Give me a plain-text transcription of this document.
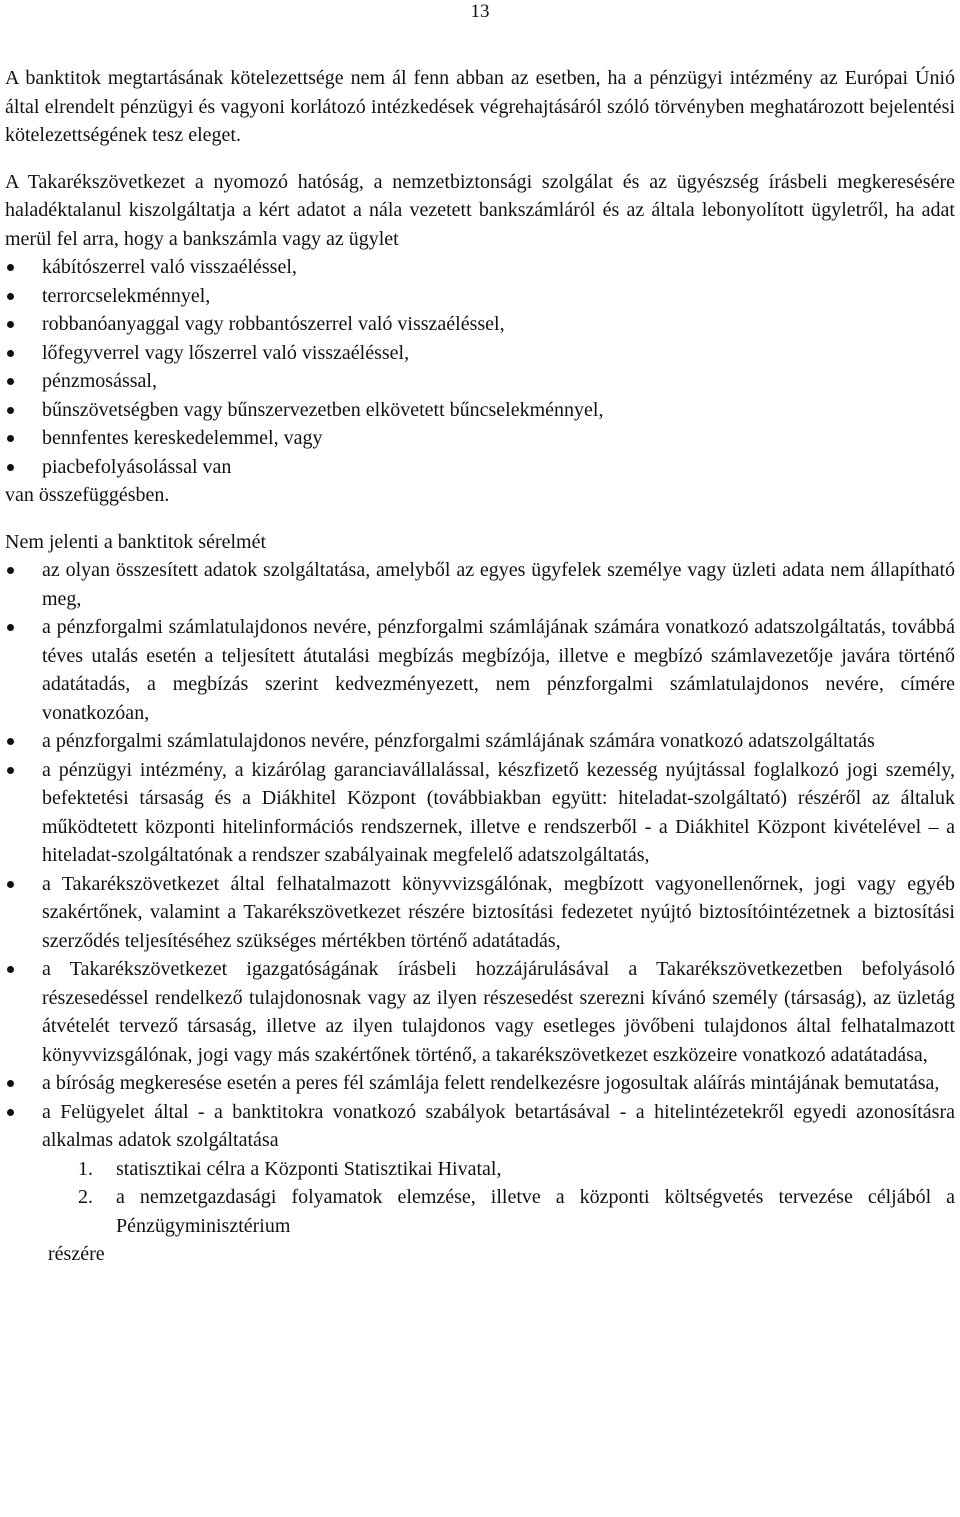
13

A banktitok megtartásának kötelezettsége nem ál fenn abban az esetben, ha a pénzügyi intézmény az Európai Únió által elrendelt pénzügyi és vagyoni korlátozó intézkedések végrehajtásáról szóló törvényben meghatározott bejelentési kötelezettségének tesz eleget.

A Takarékszövetkezet a nyomozó hatóság, a nemzetbiztonsági szolgálat és az ügyészség írásbeli megkeresésére haladéktalanul kiszolgáltatja a kért adatot a nála vezetett bankszámláról és az általa lebonyolított ügyletről, ha adat merül fel arra, hogy a bankszámla vagy az ügylet

kábítószerrel való visszaéléssel,
terrorcselekménnyel,
robbanóanyaggal vagy robbantószerrel való visszaéléssel,
lőfegyverrel vagy lőszerrel való visszaéléssel,
pénzmosással,
bűnszövetségben vagy bűnszervezetben elkövetett bűncselekménnyel,
bennfentes kereskedelemmel, vagy
piacbefolyásolással van

van összefüggésben.

Nem jelenti a banktitok sérelmét

az olyan összesített adatok szolgáltatása, amelyből az egyes ügyfelek személye vagy üzleti adata nem állapítható meg,
a pénzforgalmi számlatulajdonos nevére, pénzforgalmi számlájának számára vonatkozó adatszolgáltatás, továbbá téves utalás esetén a teljesített átutalási megbízás megbízója, illetve e megbízó számlavezetője javára történő adatátadás, a megbízás szerint kedvezményezett, nem pénzforgalmi számlatulajdonos nevére, címére vonatkozóan,
a pénzforgalmi számlatulajdonos nevére, pénzforgalmi számlájának számára vonatkozó adatszolgáltatás
a pénzügyi intézmény, a kizárólag garanciavállalással, készfizető kezesség nyújtással foglalkozó jogi személy, befektetési társaság és a Diákhitel Központ (továbbiakban együtt: hiteladat-szolgáltató) részéről az általuk működtetett központi hitelinformációs rendszernek, illetve e rendszerből - a Diákhitel Központ kivételével – a hiteladat-szolgáltatónak a rendszer szabályainak megfelelő adatszolgáltatás,
a Takarékszövetkezet által felhatalmazott könyvvizsgálónak, megbízott vagyonellenőrnek, jogi vagy egyéb szakértőnek, valamint a Takarékszövetkezet részére biztosítási fedezetet nyújtó biztosítóintézetnek a biztosítási szerződés teljesítéséhez szükséges mértékben történő adatátadás,
a Takarékszövetkezet igazgatóságának írásbeli hozzájárulásával a Takarékszövetkezetben befolyásoló részesedéssel rendelkező tulajdonosnak vagy az ilyen részesedést szerezni kívánó személy (társaság), az üzletág átvételét tervező társaság, illetve az ilyen tulajdonos vagy esetleges jövőbeni tulajdonos által felhatalmazott könyvvizsgálónak, jogi vagy más szakértőnek történő, a takarékszövetkezet eszközeire vonatkozó adatátadása,
a bíróság megkeresése esetén a peres fél számlája felett rendelkezésre jogosultak aláírás mintájának bemutatása,
a Felügyelet által - a banktitokra vonatkozó szabályok betartásával - a hitelintézetekről egyedi azonosításra alkalmas adatok szolgáltatása
1. statisztikai célra a Központi Statisztikai Hivatal,
2. a nemzetgazdasági folyamatok elemzése, illetve a központi költségvetés tervezése céljából a Pénzügyminisztérium

részére
